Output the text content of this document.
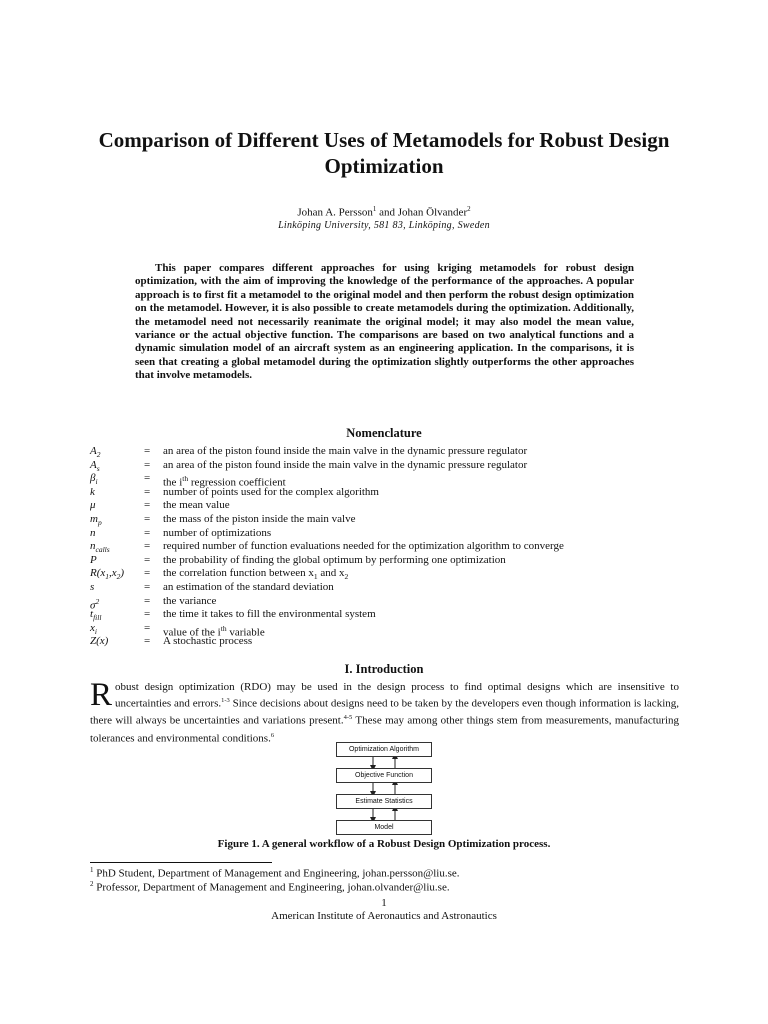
Comparison of Different Uses of Metamodels for Robust Design Optimization
Johan A. Persson$^1$ and Johan Ölvander$^2$
Linköping University, 581 83, Linköping, Sweden

This paper compares different approaches for using kriging metamodels for robust design optimization, with the aim of improving the knowledge of the performance of the approaches. A popular approach is to first fit a metamodel to the original model and then perform the robust design optimization on the metamodel. However, it is also possible to create metamodels during the optimization. Additionally, the metamodel need not necessarily reanimate the original model; it may also model the mean value, variance or the actual objective function. The comparisons are based on two analytical functions and a dynamic simulation model of an aircraft system as an engineering application. In the comparisons, it is seen that creating a global metamodel during the optimization slightly outperforms the other approaches that involve metamodels.

Nomenclature
$A_2$	= an area of the piston found inside the main valve in the dynamic pressure regulator
$A_s$	= an area of the piston found inside the main valve in the dynamic pressure regulator
$\beta_i$	= the $i^{th}$ regression coefficient
k	= number of points used for the complex algorithm
μ	= the mean value
$m_p$	= the mass of the piston inside the main valve
n	= number of optimizations
$n_{calls}$	= required number of function evaluations needed for the optimization algorithm to converge
P	= the probability of finding the global optimum by performing one optimization
$R(x_1,x_2)$ = the correlation function between $x_1$ and $x_2$
s	= an estimation of the standard deviation
$\sigma^2$	= the variance
$t_{fill}$	= the time it takes to fill the environmental system
$x_i$	= value of the $i^{th}$ variable
Z(x)	= A stochastic process
I. Introduction

Robust design optimization (RDO) may be used in the design process to find optimal designs which are insensitive to uncertainties and errors.$^{1-3}$ Since decisions about designs need to be taken by the developers even though information is lacking, there will always be uncertainties and variations present.$^{4-5}$ These may among other things stem from measurements, manufacturing tolerances and environmental conditions.$^6$

Optimization Algorithm
Objective Function
Estimate Statistics
Model
Figure 1. A general workflow of a Robust Design Optimization process.
$^1$ PhD Student, Department of Management and Engineering, johan.persson@liu.se.
$^2$ Professor, Department of Management and Engineering, johan.olvander@liu.se.
1
American Institute of Aeronautics and Astronautics
